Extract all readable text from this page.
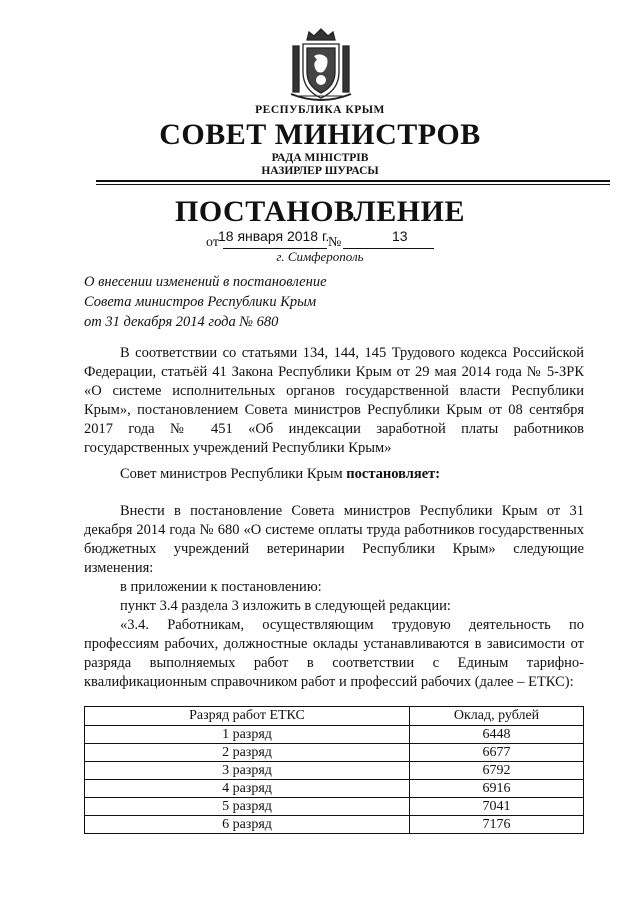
РЕСПУБЛИКА КРЫМ
СОВЕТ МИНИСТРОВ
РАДА МІНІСТРІВ
НАЗИРЛЕР ШУРАСЫ
ПОСТАНОВЛЕНИЕ
от 18 января 2018 г.
№	13
г. Симферополь
О внесении изменений в постановление
Совета министров Республики Крым
от 31 декабря 2014 года № 680

В соответствии со статьями 134, 144, 145 Трудового кодекса Российской Федерации, статьёй 41 Закона Республики Крым от 29 мая 2014 года № 5-ЗРК «О системе исполнительных органов государственной власти Республики Крым», постановлением Совета министров Республики Крым от 08 сентября 2017 года № 451 «Об индексации заработной платы работников государственных учреждений Республики Крым»

Совет министров Республики Крым постановляет:

Внести в постановление Совета министров Республики Крым от 31 декабря 2014 года № 680 «О системе оплаты труда работников государственных бюджетных учреждений ветеринарии Республики Крым» следующие изменения:

в приложении к постановлению:

пункт 3.4 раздела 3 изложить в следующей редакции:

«3.4. Работникам, осуществляющим трудовую деятельность по профессиям рабочих, должностные оклады устанавливаются в зависимости от разряда выполняемых работ в соответствии с Единым тарифно-квалификационным справочником работ и профессий рабочих (далее – ЕТКС):

Разряд работ ЕТКС	Оклад, рублей
1 разряд	6448
2 разряд	6677
3 разряд	6792
4 разряд	6916
5 разряд	7041
6 разряд	7176
